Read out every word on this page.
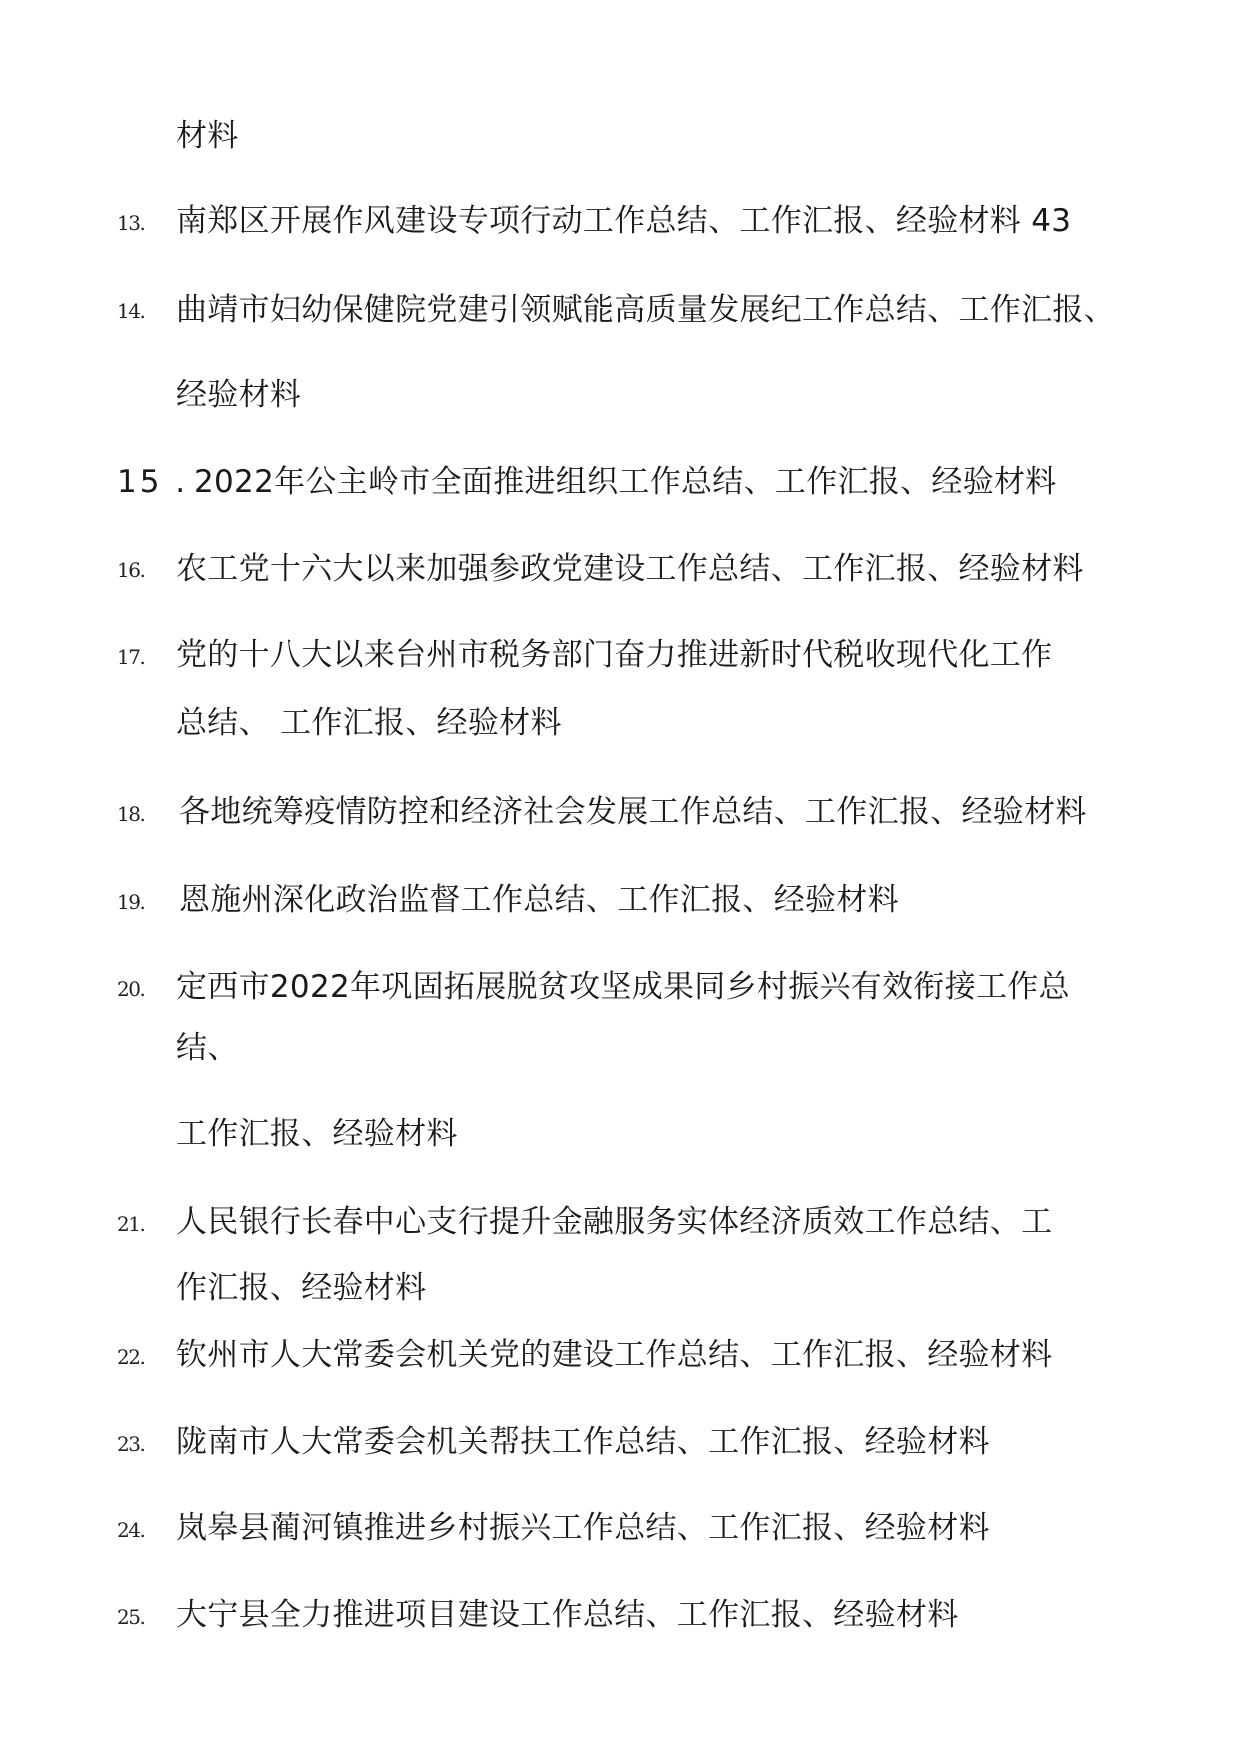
材料
13. 南郑区开展作风建设专项行动工作总结、工作汇报、经验材料 43
14. 曲靖市妇幼保健院党建引领赋能高质量发展纪工作总结、工作汇报、
经验材料
15 . 2022年公主岭市全面推进组织工作总结、工作汇报、经验材料
16. 农工党十六大以来加强参政党建设工作总结、工作汇报、经验材料
17. 党的十八大以来台州市税务部门奋力推进新时代税收现代化工作
总结、 工作汇报、经验材料
18. 各地统筹疫情防控和经济社会发展工作总结、工作汇报、经验材料
19. 恩施州深化政治监督工作总结、工作汇报、经验材料
20. 定西市2022年巩固拓展脱贫攻坚成果同乡村振兴有效衔接工作总
结、
工作汇报、经验材料
21. 人民银行长春中心支行提升金融服务实体经济质效工作总结、工
作汇报、经验材料
22. 钦州市人大常委会机关党的建设工作总结、工作汇报、经验材料
23. 陇南市人大常委会机关帮扶工作总结、工作汇报、经验材料
24. 岚皋县蔺河镇推进乡村振兴工作总结、工作汇报、经验材料
25. 大宁县全力推进项目建设工作总结、工作汇报、经验材料
